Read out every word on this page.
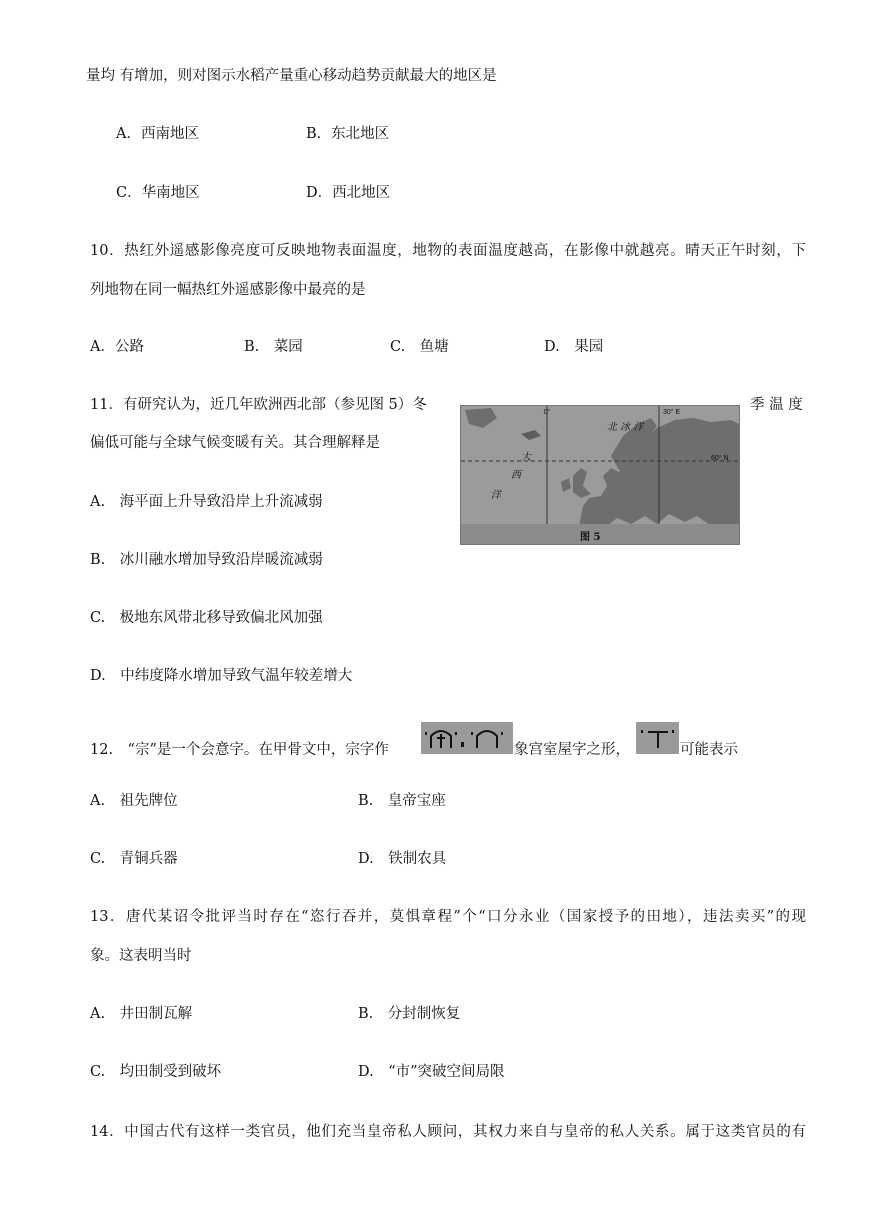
量均 有增加，则对图示水稻产量重心移动趋势贡献最大的地区是
A．西南地区	B．东北地区
C．华南地区	D．西北地区
10．热红外遥感影像亮度可反映地物表面温度，地物的表面温度越高，在影像中就越亮。晴天正午时刻，下
列地物在同一幅热红外遥感影像中最亮的是
A．公路	B.　菜园	C.　鱼塘	D.　果园
11．有研究认为，近几年欧洲西北部（参见图 5）冬	季 温 度
偏低可能与全球气候变暖有关。其合理解释是
0°	30° E
60° N
北 冰 洋
大
西
洋
图 5
A.　海平面上升导致沿岸上升流减弱
B.　冰川融水增加导致沿岸暖流减弱
C.　极地东风带北移导致偏北风加强
D.　中纬度降水增加导致气温年较差增大
12.　“宗”是一个会意字。在甲骨文中，宗字作	象宫室屋字之形，	可能表示
A.　祖先牌位	B.　皇帝宝座
C.　青铜兵器	D.　铁制农具
13．唐代某诏令批评当时存在“恣行吞并，莫惧章程”个“口分永业（国家授予的田地），违法卖买”的现
象。这表明当时
A.　井田制瓦解	B.　分封制恢复
C.　均田制受到破坏	D.　“市”突破空间局限
14．中国古代有这样一类官员，他们充当皇帝私人顾问，其权力来自与皇帝的私人关系。属于这类官员的有
